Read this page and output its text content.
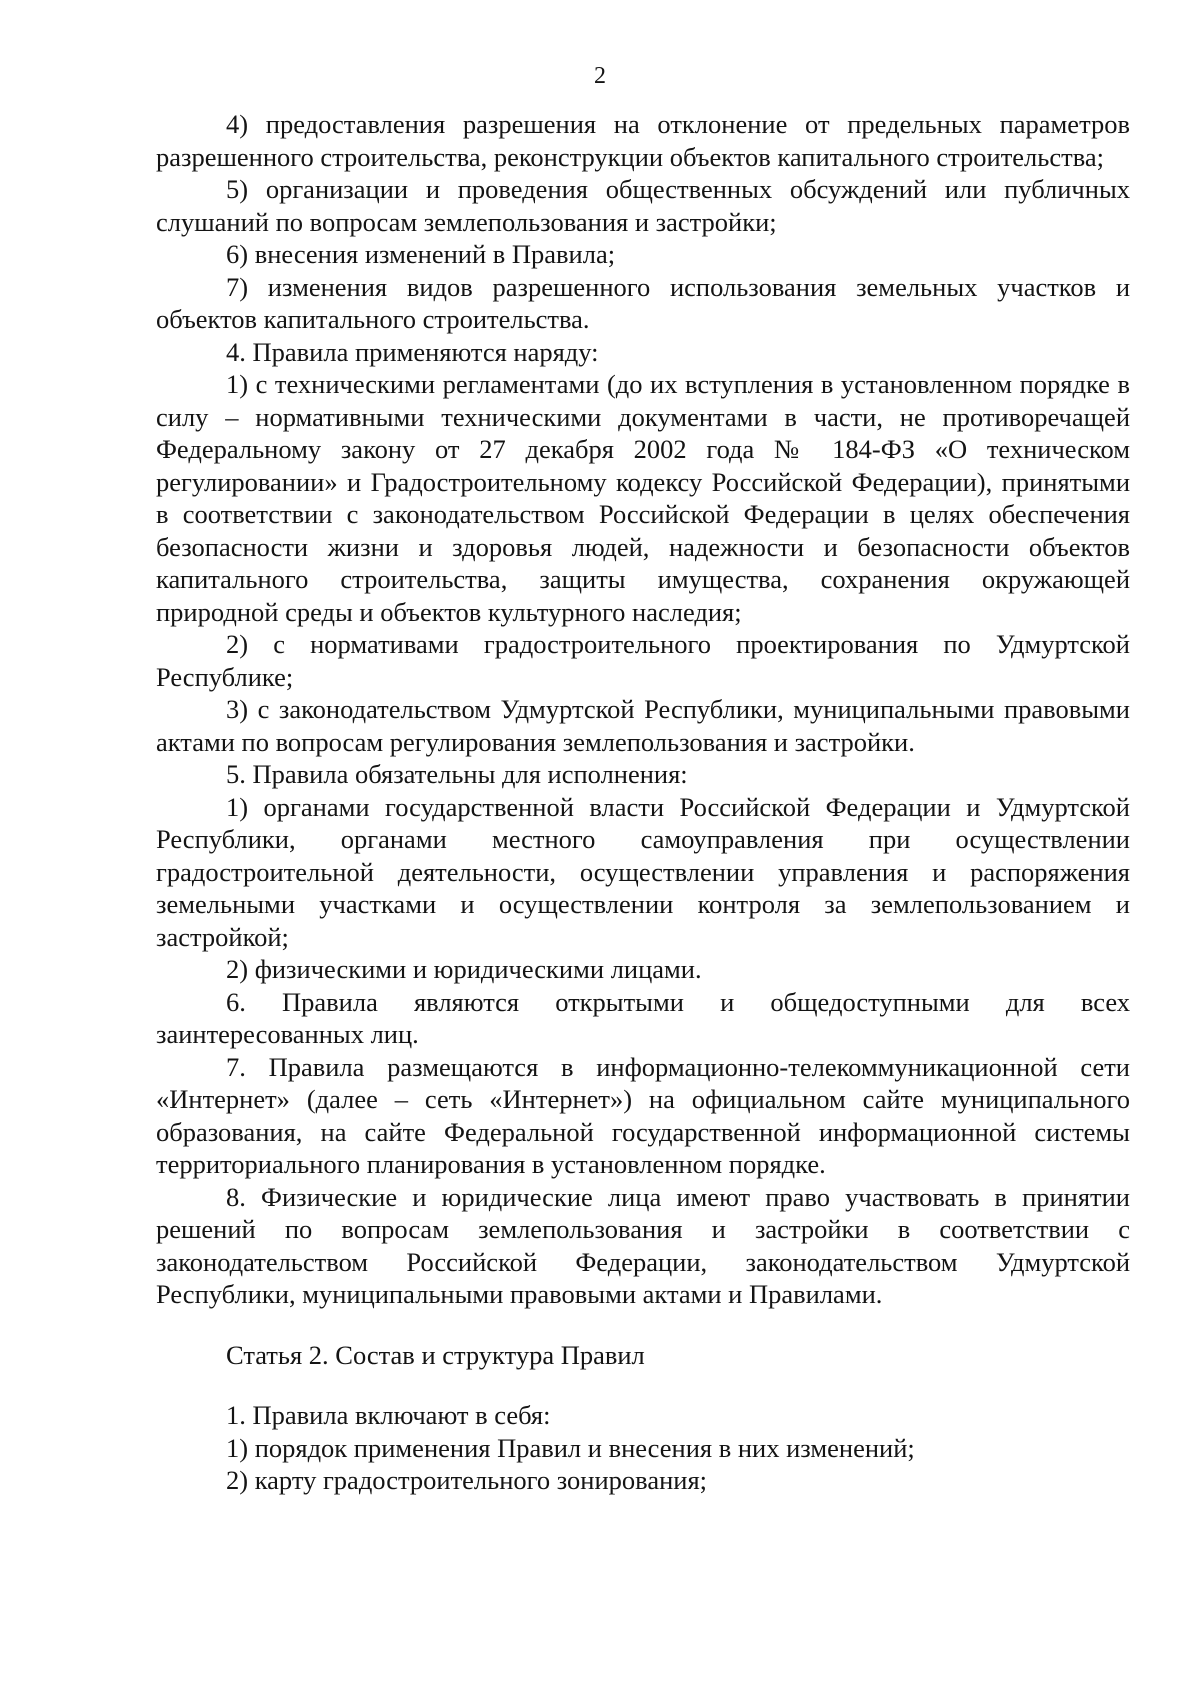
2

4) предоставления разрешения на отклонение от предельных параметров разрешенного строительства, реконструкции объектов капитального строительства;

5) организации и проведения общественных обсуждений или публичных слушаний по вопросам землепользования и застройки;

6) внесения изменений в Правила;

7) изменения видов разрешенного использования земельных участков и объектов капитального строительства.

4. Правила применяются наряду:

1) с техническими регламентами (до их вступления в установленном порядке в силу – нормативными техническими документами в части, не противоречащей Федеральному закону от 27 декабря 2002 года № 184-ФЗ «О техническом регулировании» и Градостроительному кодексу Российской Федерации), принятыми в соответствии с законодательством Российской Федерации в целях обеспечения безопасности жизни и здоровья людей, надежности и безопасности объектов капитального строительства, защиты имущества, сохранения окружающей природной среды и объектов культурного наследия;

2) с нормативами градостроительного проектирования по Удмуртской Республике;

3) с законодательством Удмуртской Республики, муниципальными правовыми актами по вопросам регулирования землепользования и застройки.

5. Правила обязательны для исполнения:

1) органами государственной власти Российской Федерации и Удмуртской Республики, органами местного самоуправления при осуществлении градостроительной деятельности, осуществлении управления и распоряжения земельными участками и осуществлении контроля за землепользованием и застройкой;

2) физическими и юридическими лицами.

6. Правила являются открытыми и общедоступными для всех заинтересованных лиц.

7. Правила размещаются в информационно-телекоммуникационной сети «Интернет» (далее – сеть «Интернет») на официальном сайте муниципального образования, на сайте Федеральной государственной информационной системы территориального планирования в установленном порядке.

8. Физические и юридические лица имеют право участвовать в принятии решений по вопросам землепользования и застройки в соответствии с законодательством Российской Федерации, законодательством Удмуртской Республики, муниципальными правовыми актами и Правилами.

Статья 2. Состав и структура Правил

1. Правила включают в себя:

1) порядок применения Правил и внесения в них изменений;

2) карту градостроительного зонирования;
